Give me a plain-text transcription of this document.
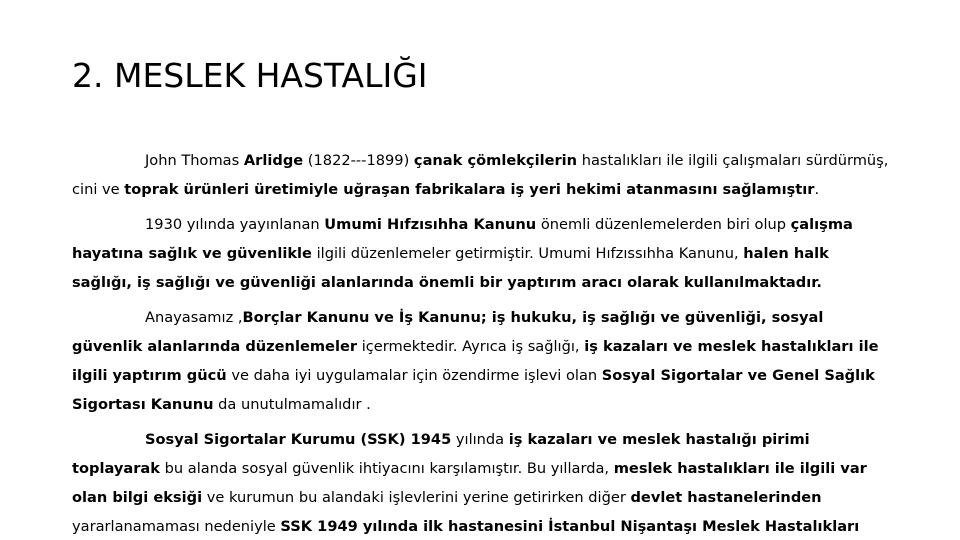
2. MESLEK HASTALIĞI

John Thomas Arlidge (1822---1899) çanak çömlekçilerin hastalıkları ile ilgili çalışmaları sürdürmüş, cini ve toprak ürünleri üretimiyle uğraşan fabrikalara iş yeri hekimi atanmasını sağlamıştır.

1930 yılında yayınlanan Umumi Hıfzısıhha Kanunu önemli düzenlemelerden biri olup çalışma hayatına sağlık ve güvenlikle ilgili düzenlemeler getirmiştir. Umumi Hıfzıssıhha Kanunu, halen halk sağlığı, iş sağlığı ve güvenliği alanlarında önemli bir yaptırım aracı olarak kullanılmaktadır.

Anayasamız ,Borçlar Kanunu ve İş Kanunu; iş hukuku, iş sağlığı ve güvenliği, sosyal güvenlik alanlarında düzenlemeler içermektedir. Ayrıca iş sağlığı, iş kazaları ve meslek hastalıkları ile ilgili yaptırım gücü ve daha iyi uygulamalar için özendirme işlevi olan Sosyal Sigortalar ve Genel Sağlık Sigortası Kanunu da unutulmamalıdır .

Sosyal Sigortalar Kurumu (SSK) 1945 yılında iş kazaları ve meslek hastalığı pirimi toplayarak bu alanda sosyal güvenlik ihtiyacını karşılamıştır. Bu yıllarda, meslek hastalıkları ile ilgili var olan bilgi eksiği ve kurumun bu alandaki işlevlerini yerine getirirken diğer devlet hastanelerinden yararlanamaması nedeniyle SSK 1949 yılında ilk hastanesini İstanbul Nişantaşı Meslek Hastalıkları
